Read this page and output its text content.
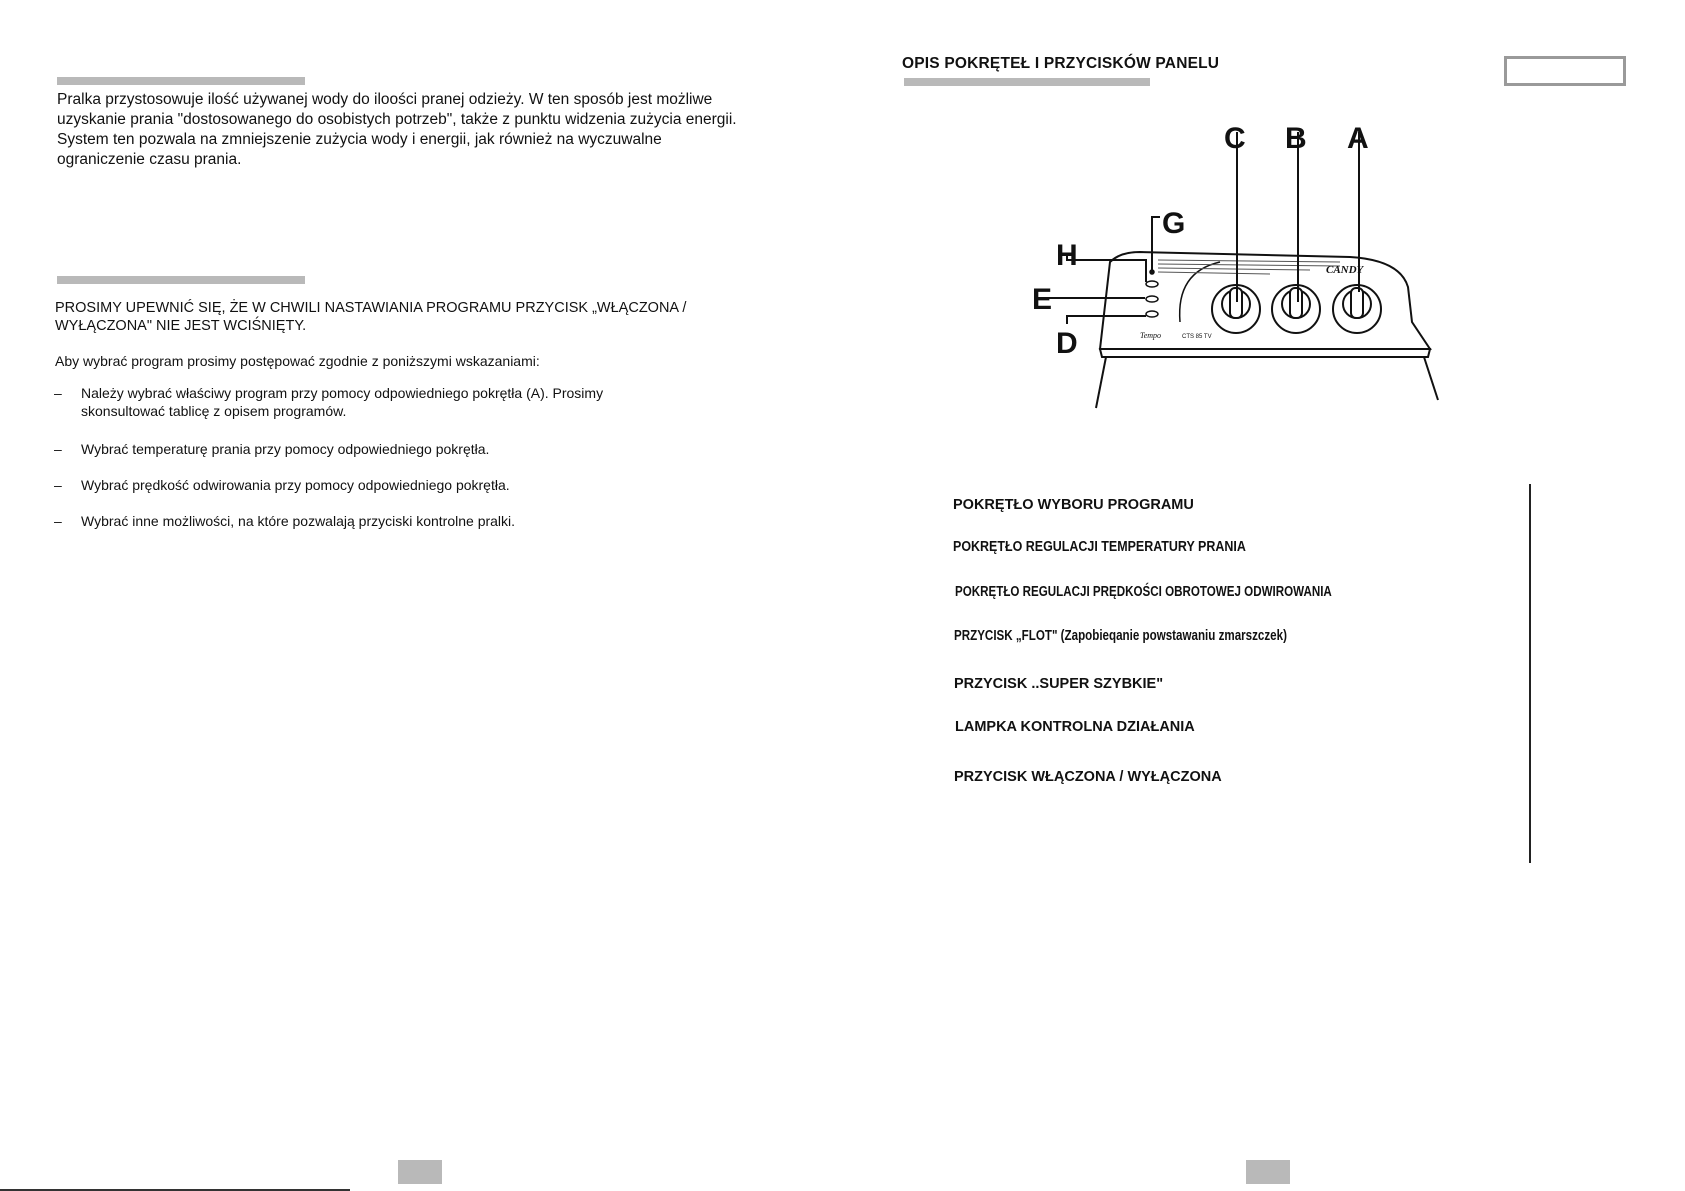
Pralka przystosowuje ilość używanej wody do iloości pranej odzieży. W ten sposób jest możliwe

uzyskanie prania "dostosowanego do osobistych potrzeb", także z punktu widzenia zużycia energii.

System ten pozwala na zmniejszenie zużycia wody i energii, jak również na wyczuwalne

ograniczenie czasu prania.

PROSIMY UPEWNIĆ SIĘ, ŻE W CHWILI NASTAWIANIA PROGRAMU PRZYCISK „WŁĄCZONA /

WYŁĄCZONA" NIE JEST WCIŚNIĘTY.

Aby wybrać program prosimy postępować zgodnie z poniższymi wskazaniami:

– Należy wybrać właściwy program przy pomocy odpowiedniego pokrętła (A). Prosimy
skonsultować tablicę z opisem programów.
– Wybrać temperaturę prania przy pomocy odpowiedniego pokrętła.
– Wybrać prędkość odwirowania przy pomocy odpowiedniego pokrętła.
– Wybrać inne możliwości, na które pozwalają przyciski kontrolne pralki.

OPIS POKRĘTEŁ I PRZYCISKÓW PANELU

C B A
G
H
E
D
CANDY
Tempo	CTS 85 TV

POKRĘTŁO WYBORU PROGRAMU

POKRĘTŁO REGULACJI TEMPERATURY PRANIA

POKRĘTŁO REGULACJI PRĘDKOŚCI OBROTOWEJ ODWIROWANIA

PRZYCISK „FLOT" (Zapobieqanie powstawaniu zmarszczek)

PRZYCISK ..SUPER SZYBKIE"

LAMPKA KONTROLNA DZIAŁANIA

PRZYCISK WŁĄCZONA / WYŁĄCZONA
